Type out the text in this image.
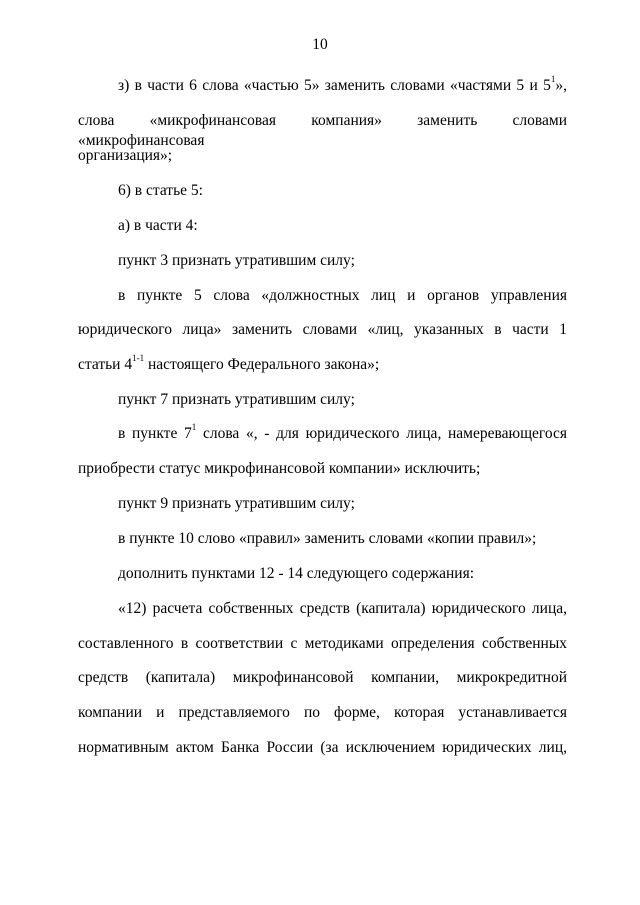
10
з) в части 6 слова «частью 5» заменить словами «частями 5 и $5^1$»,
слова «микрофинансовая компания» заменить словами «микрофинансовая
организация»;
6) в статье 5:
а) в части 4:
пункт 3 признать утратившим силу;
в пункте 5 слова «должностных лиц и органов управления
юридического лица» заменить словами «лиц, указанных в части 1
статьи 4$^{1-1}$ настоящего Федерального закона»;
пункт 7 признать утратившим силу;
в пункте $7^1$ слова «, - для юридического лица, намеревающегося
приобрести статус микрофинансовой компании» исключить;
пункт 9 признать утратившим силу;
в пункте 10 слово «правил» заменить словами «копии правил»;
дополнить пунктами 12 - 14 следующего содержания:
«12) расчета собственных средств (капитала) юридического лица,
составленного в соответствии с методиками определения собственных
средств (капитала) микрофинансовой компании, микрокредитной
компании и представляемого по форме, которая устанавливается
нормативным актом Банка России (за исключением юридических лиц,
